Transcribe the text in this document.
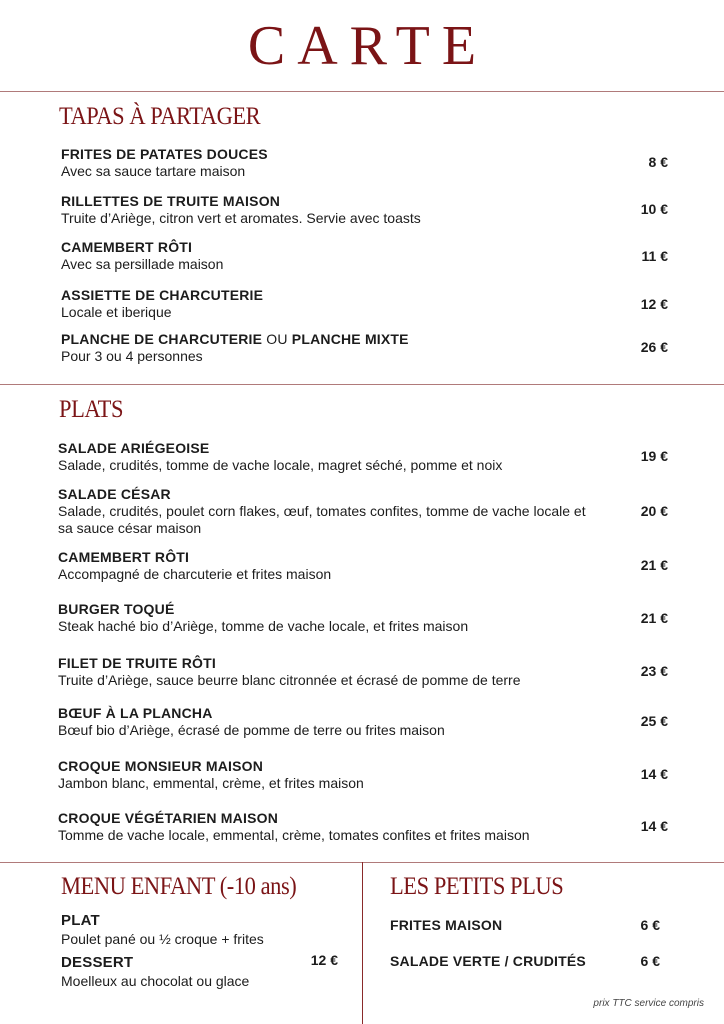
CARTE
TAPAS À PARTAGER
FRITES DE PATATES DOUCES
Avec sa sauce tartare maison
8 €
RILLETTES DE TRUITE MAISON
Truite d’Ariège, citron vert et aromates. Servie avec toasts
10 €
CAMEMBERT RÔTI
Avec sa persillade maison	11 €
ASSIETTE DE CHARCUTERIE
Locale et iberique	12 €
PLANCHE DE CHARCUTERIE OU PLANCHE MIXTE
Pour 3 ou 4 personnes
26 €
PLATS
SALADE ARIÉGEOISE
Salade, crudités, tomme de vache locale, magret séché, pomme et noix
19 €
SALADE CÉSAR
Salade, crudités, poulet corn flakes, œuf, tomates confites, tomme de vache locale et sa sauce césar maison
20 €
CAMEMBERT RÔTI
Accompagné de charcuterie et frites maison
21 €
BURGER TOQUÉ
Steak haché bio d’Ariège, tomme de vache locale, et frites maison	21 €
FILET DE TRUITE RÔTI
Truite d’Ariège, sauce beurre blanc citronnée et écrasé de pomme de terre
23 €
BŒUF À LA PLANCHA
Bœuf bio d’Ariège, écrasé de pomme de terre ou frites maison
25 €
CROQUE MONSIEUR MAISON
Jambon blanc, emmental, crème, et frites maison
14 €
CROQUE VÉGÉTARIEN MAISON
Tomme de vache locale, emmental, crème, tomates confites et frites maison
14 €
MENU ENFANT (-10 ans)
PLAT
Poulet pané ou ½ croque + frites
DESSERT
Moelleux au chocolat ou glace
12 €
LES PETITS PLUS
FRITES MAISON	6 €
SALADE VERTE / CRUDITÉS	6 €
prix TTC service compris
